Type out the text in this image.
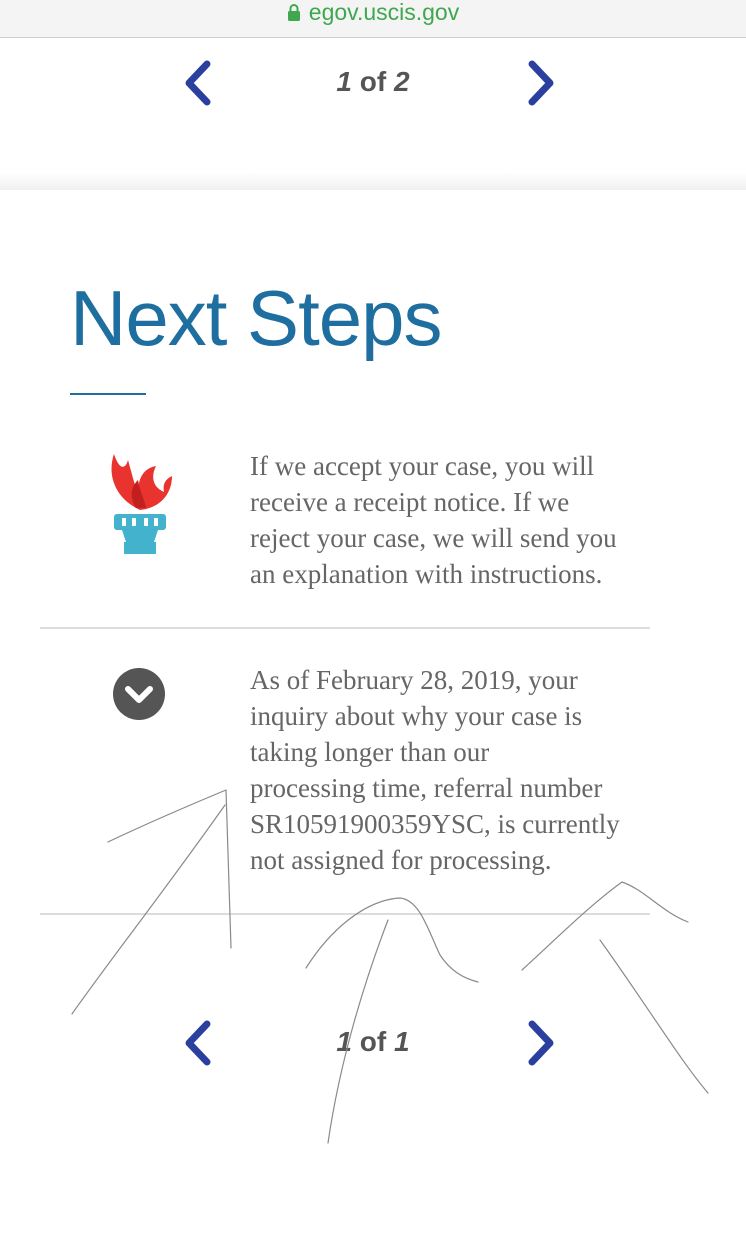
egov.uscis.gov
1 of 2
Next Steps

If we accept your case, you will
receive a receipt notice. If we
reject your case, we will send you
an explanation with instructions.

As of February 28, 2019, your
inquiry about why your case is
taking longer than our
processing time, referral number
SR10591900359YSC, is currently
not assigned for processing.

1 of 1
